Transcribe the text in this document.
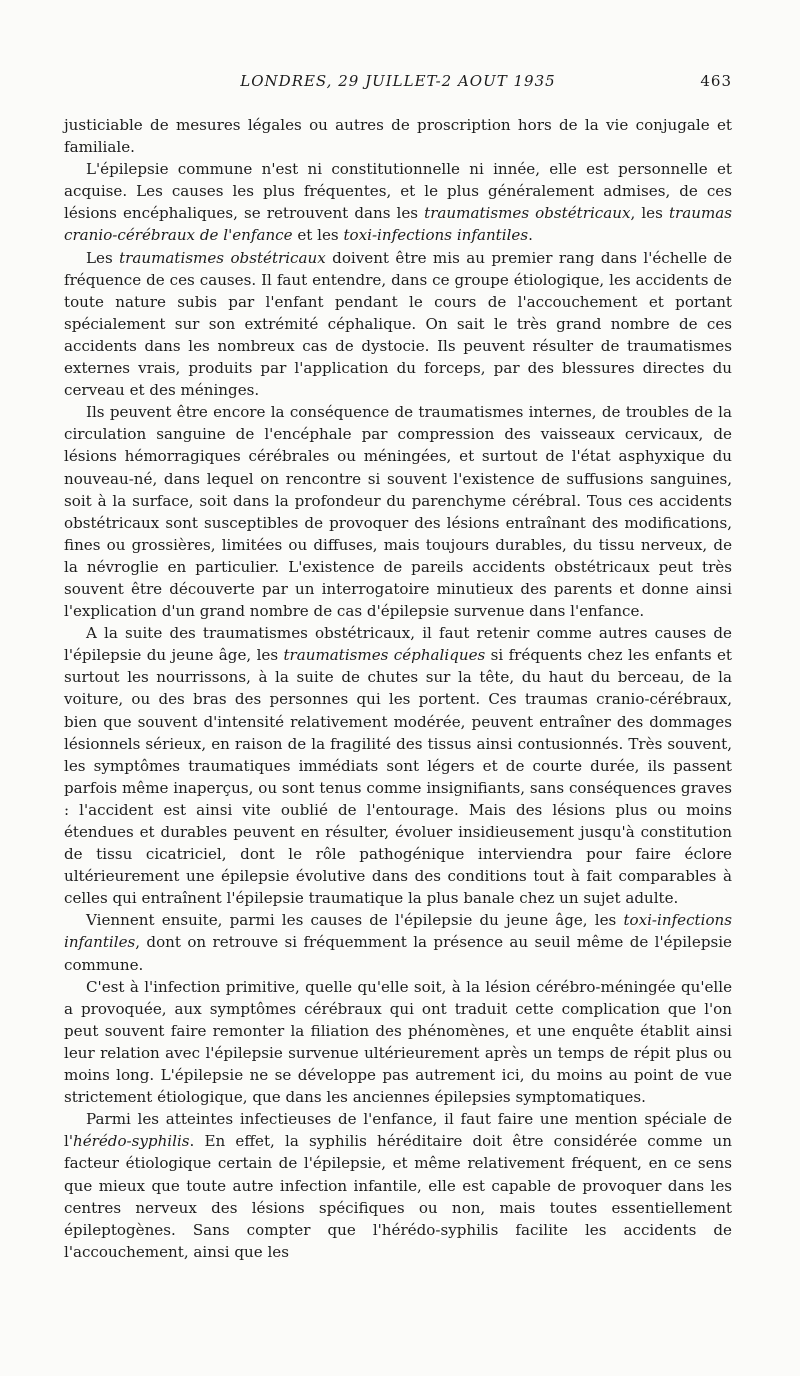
LONDRES, 29 JUILLET-2 AOUT 1935	463

justiciable de mesures légales ou autres de proscription hors de la vie conjugale et familiale.

L'épilepsie commune n'est ni constitutionnelle ni innée, elle est personnelle et acquise. Les causes les plus fréquentes, et le plus généralement admises, de ces lésions encéphaliques, se retrouvent dans les traumatismes obstétricaux, les traumas cranio-cérébraux de l'enfance et les toxi-infections infantiles.

Les traumatismes obstétricaux doivent être mis au premier rang dans l'échelle de fréquence de ces causes. Il faut entendre, dans ce groupe étiologique, les accidents de toute nature subis par l'enfant pendant le cours de l'accouchement et portant spécialement sur son extrémité céphalique. On sait le très grand nombre de ces accidents dans les nombreux cas de dystocie. Ils peuvent résulter de traumatismes externes vrais, produits par l'application du forceps, par des blessures directes du cerveau et des méninges.

Ils peuvent être encore la conséquence de traumatismes internes, de troubles de la circulation sanguine de l'encéphale par compression des vaisseaux cervicaux, de lésions hémorragiques cérébrales ou méningées, et surtout de l'état asphyxique du nouveau-né, dans lequel on rencontre si souvent l'existence de suffusions sanguines, soit à la surface, soit dans la profondeur du parenchyme cérébral. Tous ces accidents obstétricaux sont susceptibles de provoquer des lésions entraînant des modifications, fines ou grossières, limitées ou diffuses, mais toujours durables, du tissu nerveux, de la névroglie en particulier. L'existence de pareils accidents obstétricaux peut très souvent être découverte par un interrogatoire minutieux des parents et donne ainsi l'explication d'un grand nombre de cas d'épilepsie survenue dans l'enfance.

A la suite des traumatismes obstétricaux, il faut retenir comme autres causes de l'épilepsie du jeune âge, les traumatismes céphaliques si fréquents chez les enfants et surtout les nourrissons, à la suite de chutes sur la tête, du haut du berceau, de la voiture, ou des bras des personnes qui les portent. Ces traumas cranio-cérébraux, bien que souvent d'intensité relativement modérée, peuvent entraîner des dommages lésionnels sérieux, en raison de la fragilité des tissus ainsi contusionnés. Très souvent, les symptômes traumatiques immédiats sont légers et de courte durée, ils passent parfois même inaperçus, ou sont tenus comme insignifiants, sans conséquences graves : l'accident est ainsi vite oublié de l'entourage. Mais des lésions plus ou moins étendues et durables peuvent en résulter, évoluer insidieusement jusqu'à constitution de tissu cicatriciel, dont le rôle pathogénique interviendra pour faire éclore ultérieurement une épilepsie évolutive dans des conditions tout à fait comparables à celles qui entraînent l'épilepsie traumatique la plus banale chez un sujet adulte.

Viennent ensuite, parmi les causes de l'épilepsie du jeune âge, les toxi-infections infantiles, dont on retrouve si fréquemment la présence au seuil même de l'épilepsie commune.

C'est à l'infection primitive, quelle qu'elle soit, à la lésion cérébro-méningée qu'elle a provoquée, aux symptômes cérébraux qui ont traduit cette complication que l'on peut souvent faire remonter la filiation des phénomènes, et une enquête établit ainsi leur relation avec l'épilepsie survenue ultérieurement après un temps de répit plus ou moins long. L'épilepsie ne se développe pas autrement ici, du moins au point de vue strictement étiologique, que dans les anciennes épilepsies symptomatiques.

Parmi les atteintes infectieuses de l'enfance, il faut faire une mention spéciale de l'hérédo-syphilis. En effet, la syphilis héréditaire doit être considérée comme un facteur étiologique certain de l'épilepsie, et même relativement fréquent, en ce sens que mieux que toute autre infection infantile, elle est capable de provoquer dans les centres nerveux des lésions spécifiques ou non, mais toutes essentiellement épileptogènes. Sans compter que l'hérédo-syphilis facilite les accidents de l'accouchement, ainsi que les
